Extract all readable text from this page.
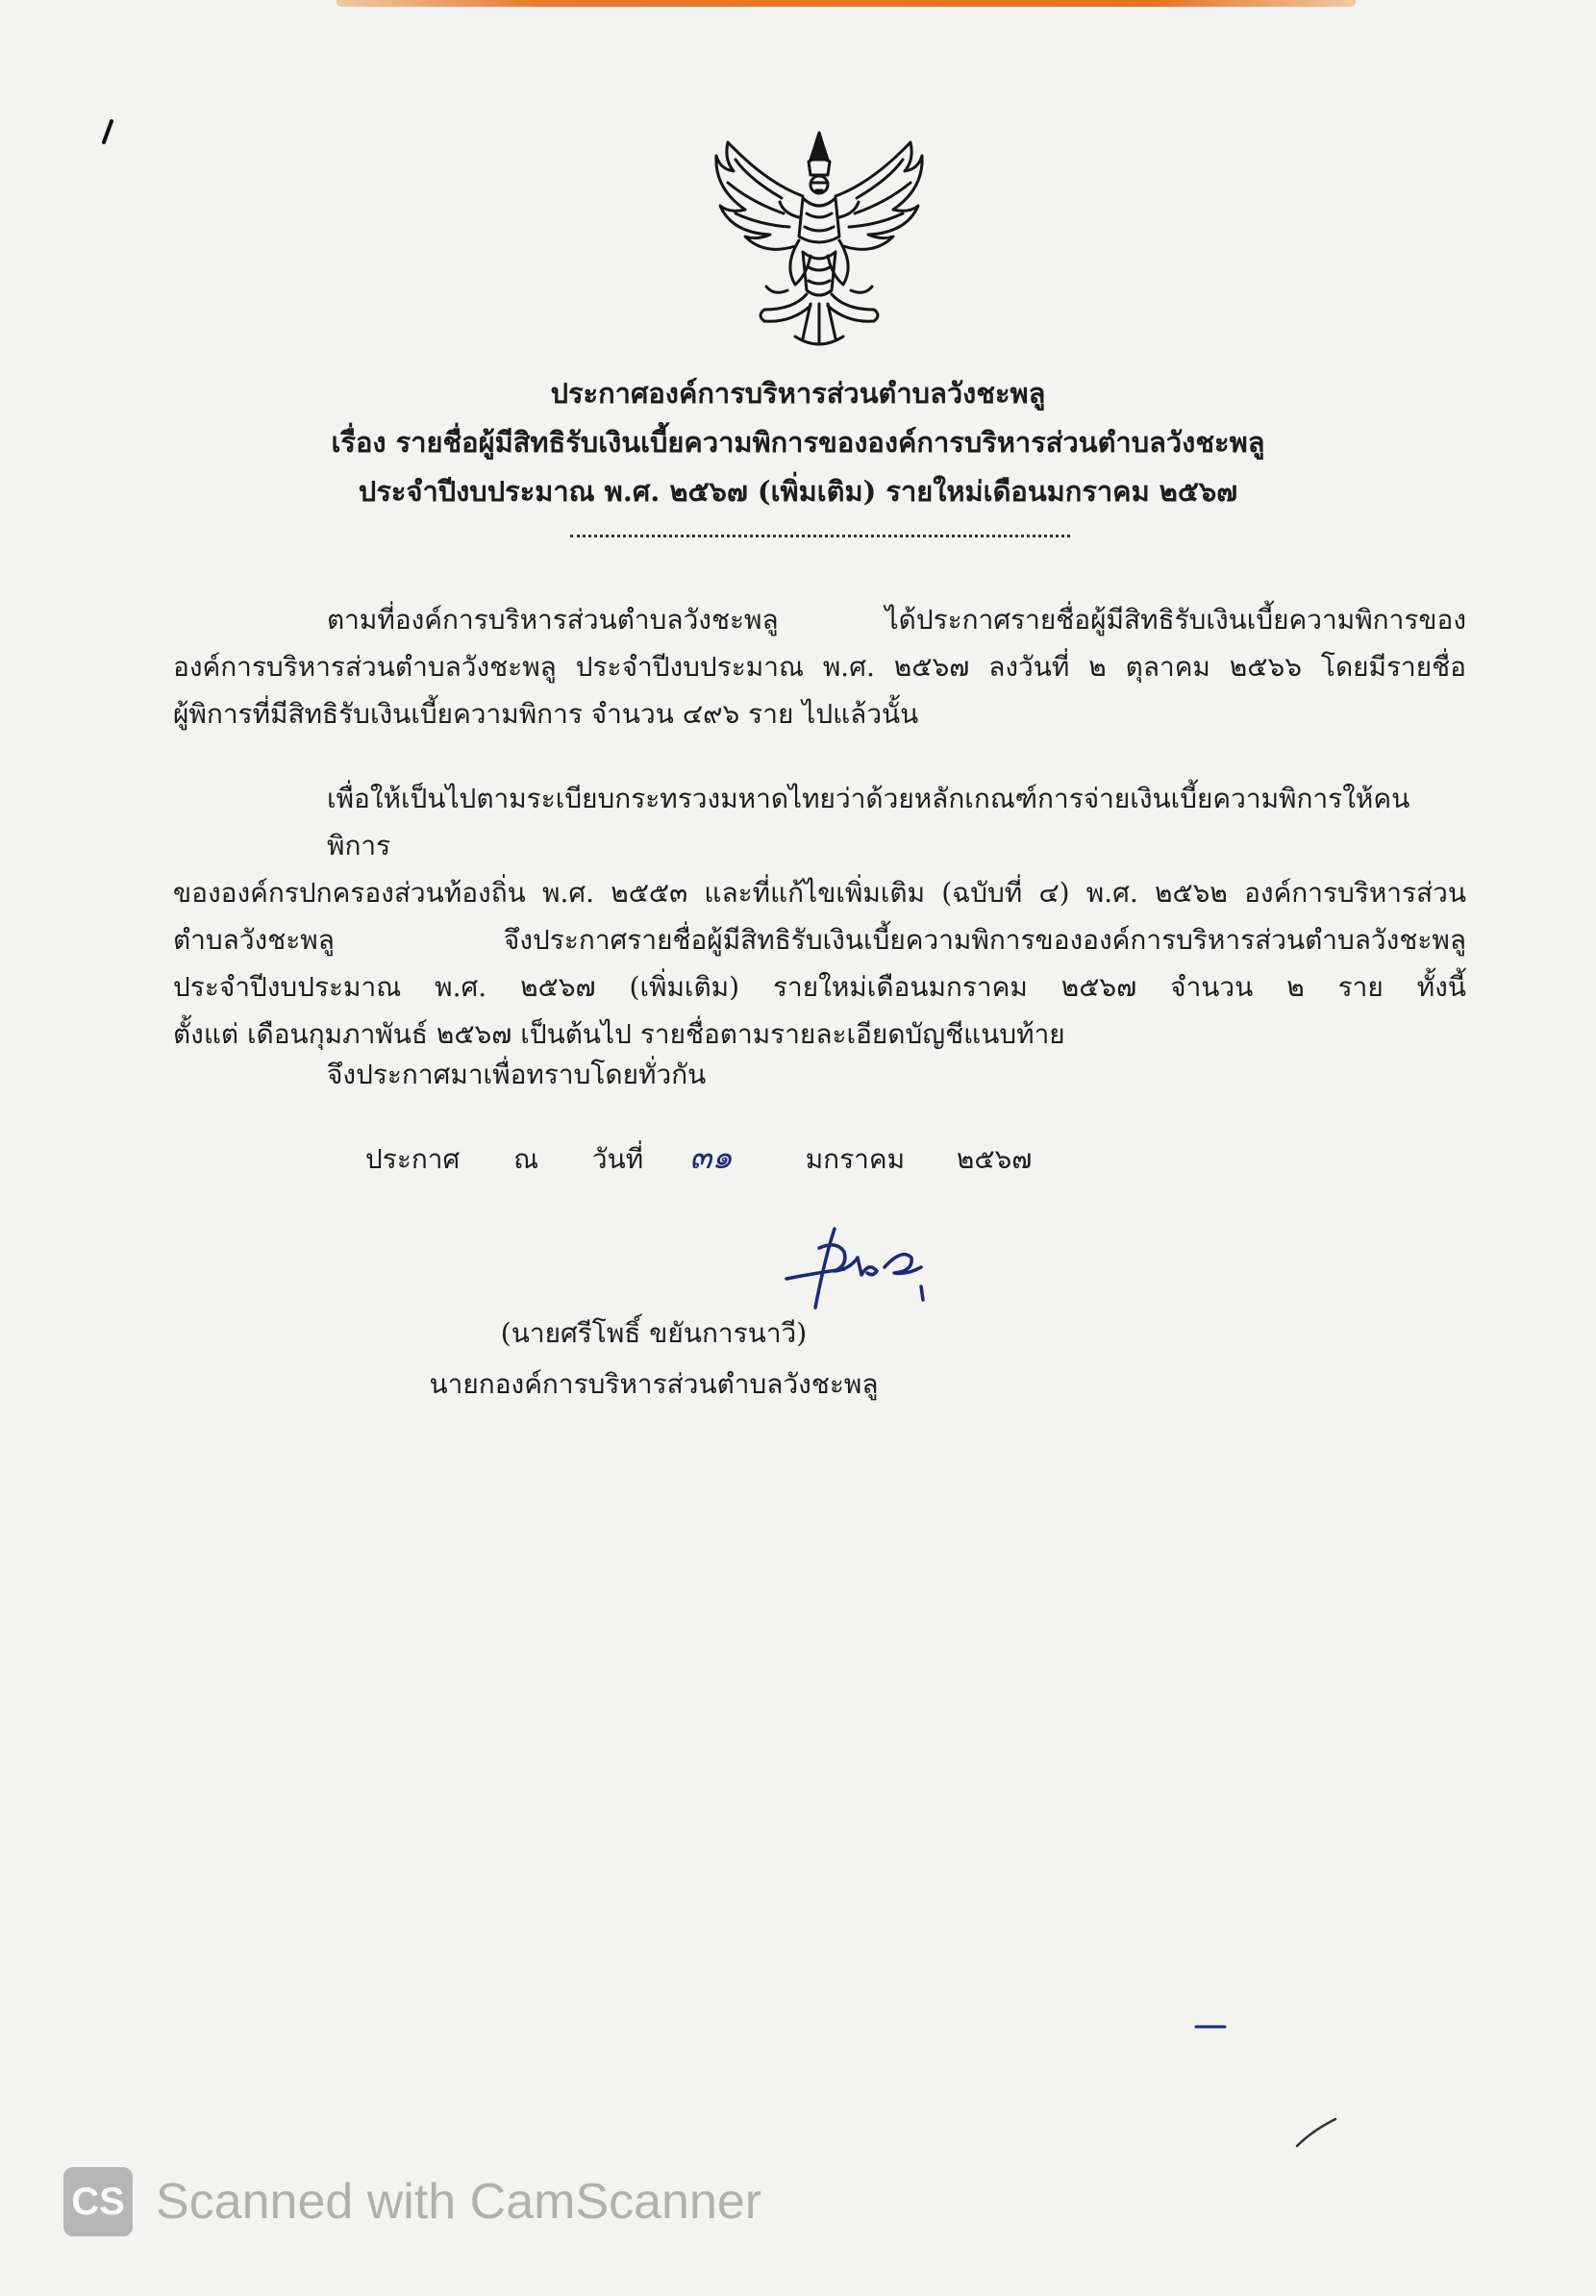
ประกาศองค์การบริหารส่วนตำบลวังชะพลู
เรื่อง รายชื่อผู้มีสิทธิรับเงินเบี้ยความพิการขององค์การบริหารส่วนตำบลวังชะพลู
ประจำปีงบประมาณ พ.ศ. ๒๕๖๗ (เพิ่มเติม) รายใหม่เดือนมกราคม ๒๕๖๗
ตามที่องค์การบริหารส่วนตำบลวังชะพลู ได้ประกาศรายชื่อผู้มีสิทธิรับเงินเบี้ยความพิการของ
องค์การบริหารส่วนตำบลวังชะพลู ประจำปีงบประมาณ พ.ศ. ๒๕๖๗ ลงวันที่ ๒ ตุลาคม ๒๕๖๖ โดยมีรายชื่อ
ผู้พิการที่มีสิทธิรับเงินเบี้ยความพิการ จำนวน ๔๙๖ ราย ไปแล้วนั้น
เพื่อให้เป็นไปตามระเบียบกระทรวงมหาดไทยว่าด้วยหลักเกณฑ์การจ่ายเงินเบี้ยความพิการให้คนพิการ
ขององค์กรปกครองส่วนท้องถิ่น พ.ศ. ๒๕๕๓ และที่แก้ไขเพิ่มเติม (ฉบับที่ ๔) พ.ศ. ๒๕๖๒ องค์การบริหารส่วน
ตำบลวังชะพลู จึงประกาศรายชื่อผู้มีสิทธิรับเงินเบี้ยความพิการขององค์การบริหารส่วนตำบลวังชะพลู
ประจำปีงบประมาณ พ.ศ. ๒๕๖๗ (เพิ่มเติม) รายใหม่เดือนมกราคม ๒๕๖๗ จำนวน ๒ ราย ทั้งนี้
ตั้งแต่ เดือนกุมภาพันธ์ ๒๕๖๗ เป็นต้นไป รายชื่อตามรายละเอียดบัญชีแนบท้าย
จึงประกาศมาเพื่อทราบโดยทั่วกัน
ประกาศ ณ วันที่ ๓๑	มกราคม ๒๕๖๗
(นายศรีโพธิ์ ขยันการนาวี)
นายกองค์การบริหารส่วนตำบลวังชะพลู
CS Scanned with CamScanner
